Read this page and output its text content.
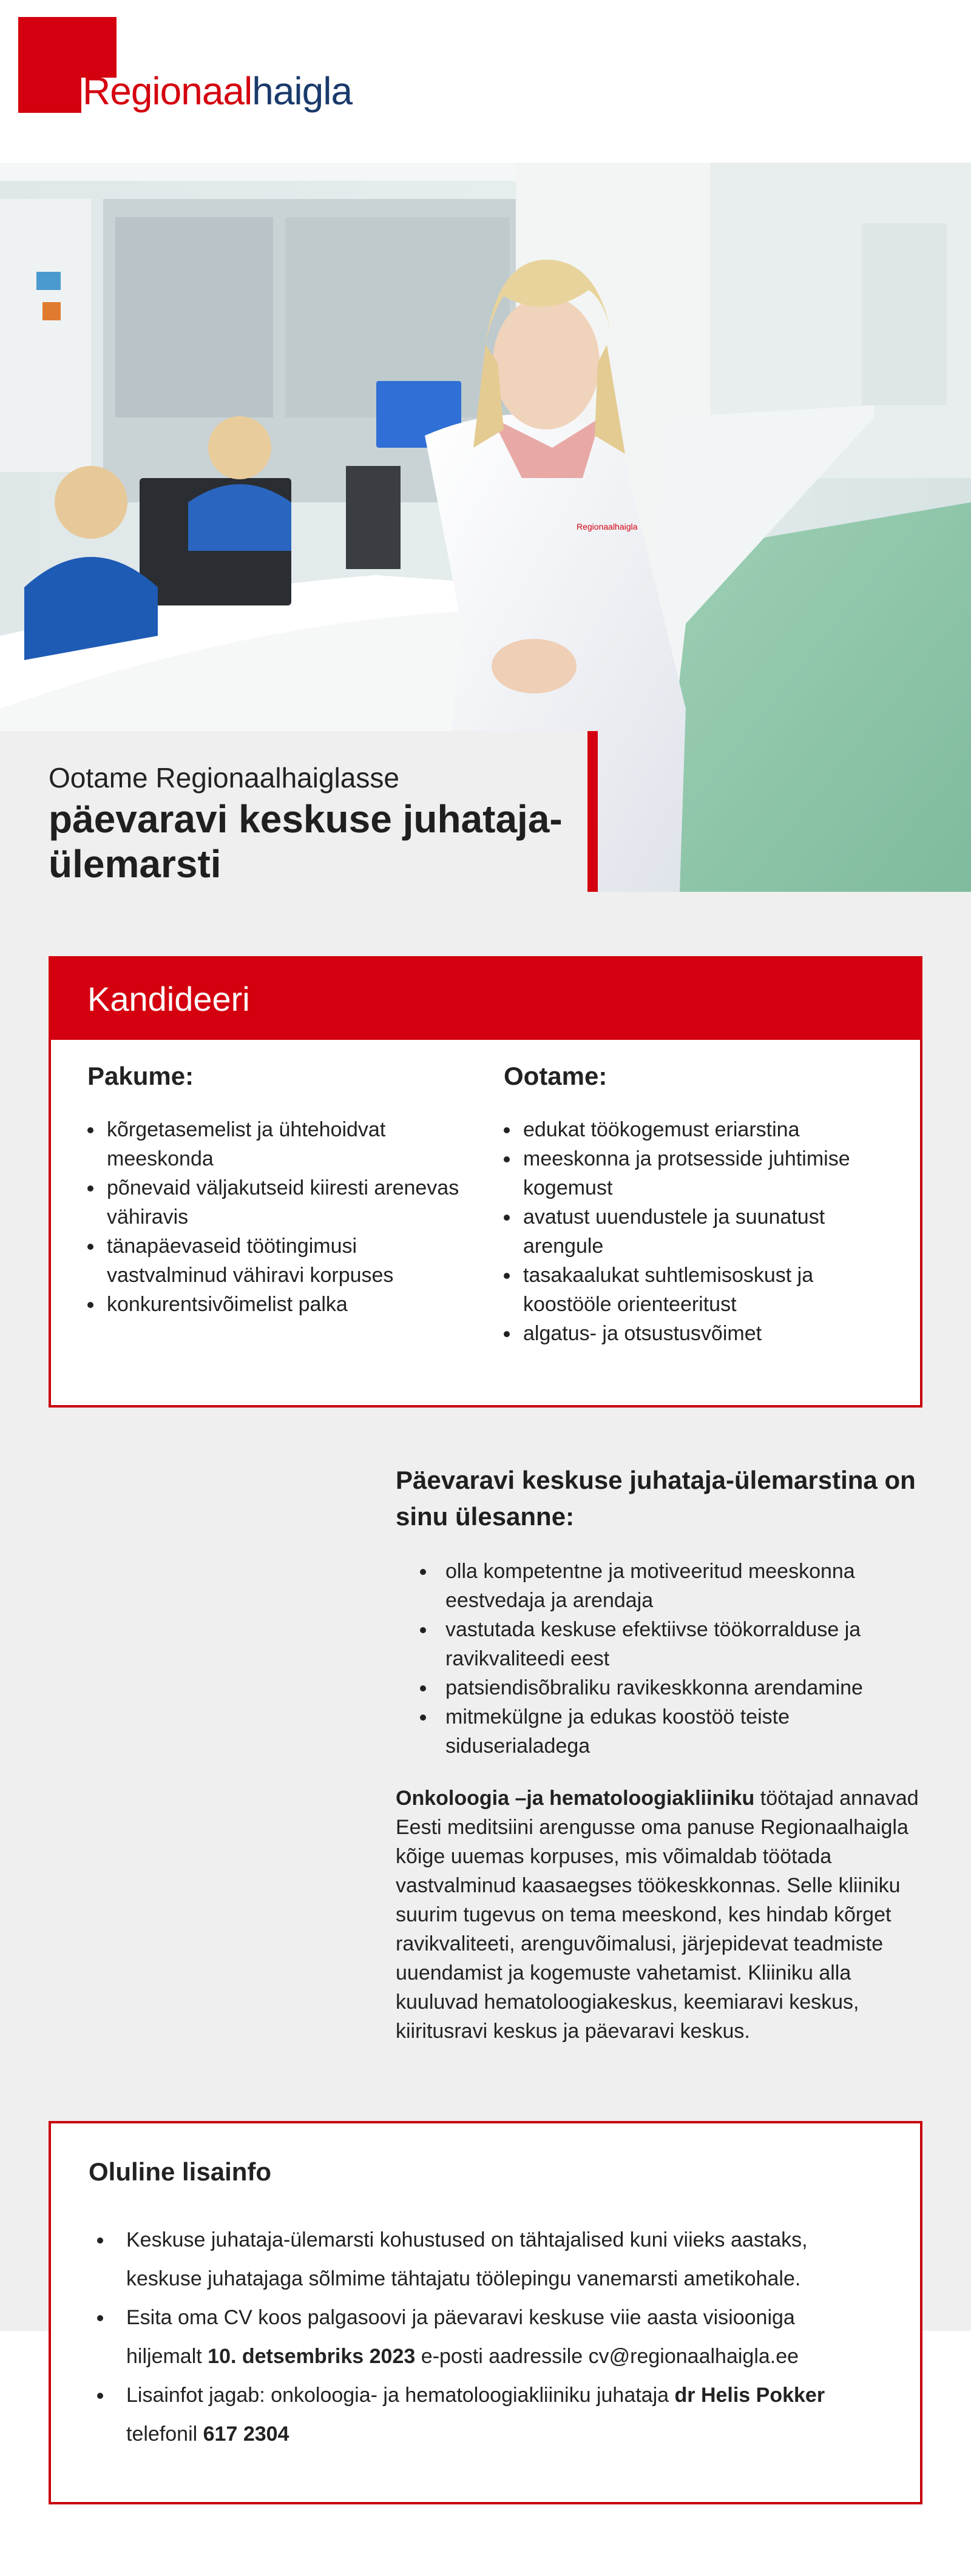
Regionaalhaigla
Regionaalhaigla
Ootame Regionaalhaiglasse
päevaravi keskuse juhataja-ülemarsti
Kandideeri
Pakume:
kõrgetasemelist ja ühtehoidvat meeskonda
põnevaid väljakutseid kiiresti arenevas vähiravis
tänapäevaseid töötingimusi vastvalminud vähiravi korpuses
konkurentsivõimelist palka
Ootame:
edukat töökogemust eriarstina
meeskonna ja protsesside juhtimise kogemust
avatust uuendustele ja suunatust arengule
tasakaalukat suhtlemisoskust ja koostööle orienteeritust
algatus- ja otsustusvõimet
Päevaravi keskuse juhataja-ülemarstina on sinu ülesanne:
olla kompetentne ja motiveeritud meeskonna eestvedaja ja arendaja
vastutada keskuse efektiivse töökorralduse ja ravikvaliteedi eest
patsiendisõbraliku ravikeskkonna arendamine
mitmekülgne ja edukas koostöö teiste siduserialadega

Onkoloogia –ja hematoloogiakliiniku töötajad annavad Eesti meditsiini arengusse oma panuse Regionaalhaigla kõige uuemas korpuses, mis võimaldab töötada vastvalminud kaasaegses töökeskkonnas. Selle kliiniku suurim tugevus on tema meeskond, kes hindab kõrget ravikvaliteeti, arenguvõimalusi, järjepidevat teadmiste uuendamist ja kogemuste vahetamist. Kliiniku alla kuuluvad hematoloogiakeskus, keemiaravi keskus, kiiritusravi keskus ja päevaravi keskus.

Oluline lisainfo
Keskuse juhataja-ülemarsti kohustused on tähtajalised kuni viieks aastaks, keskuse juhatajaga sõlmime tähtajatu töölepingu vanemarsti ametikohale.
Esita oma CV koos palgasoovi ja päevaravi keskuse viie aasta visiooniga hiljemalt 10. detsembriks 2023 e-posti aadressile cv@regionaalhaigla.ee
Lisainfot jagab: onkoloogia- ja hematoloogiakliiniku juhataja dr Helis Pokker telefonil 617 2304
